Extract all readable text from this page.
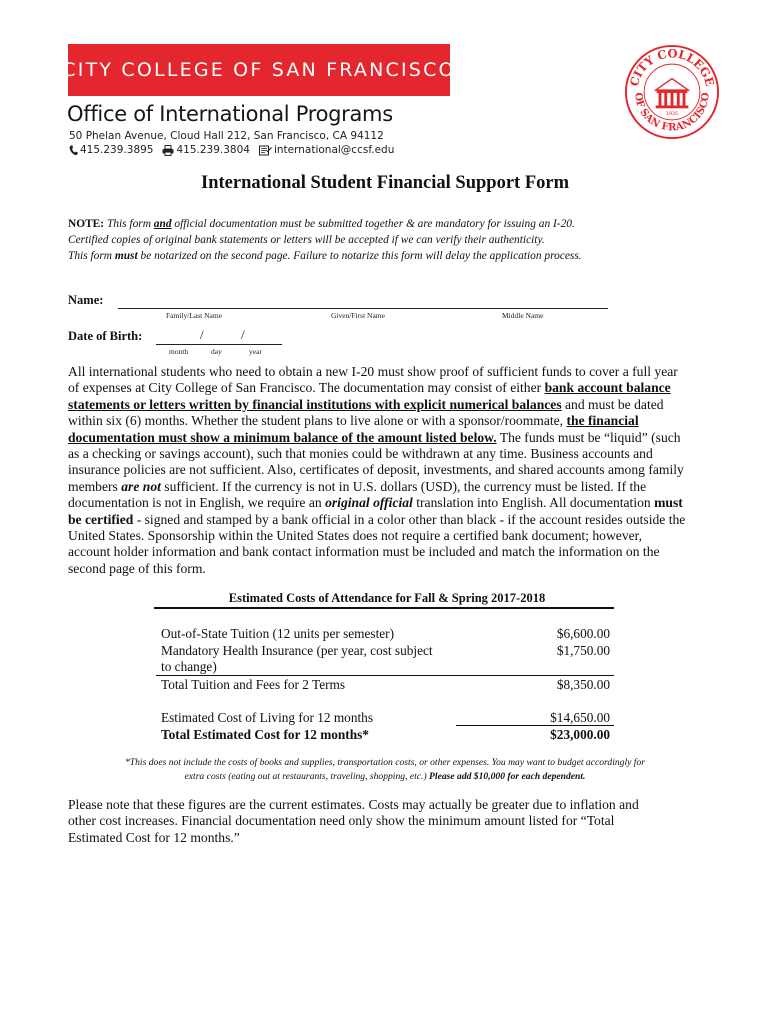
CITY COLLEGE OF SAN FRANCISCO
Office of International Programs
50 Phelan Avenue, Cloud Hall 212, San Francisco, CA 94112
415.239.3895 415.239.3804 international@ccsf.edu
CITY COLLEGE
OF SAN FRANCISCO
1935
International Student Financial Support Form

NOTE: This form and official documentation must be submitted together & are mandatory for issuing an I-20.

Certified copies of original bank statements or letters will be accepted if we can verify their authenticity.

This form must be notarized on the second page. Failure to notarize this form will delay the application process.

Name:
Family/Last Name	Given/First Name	Middle Name
Date of Birth:	/	/
month	day	year

All international students who need to obtain a new I-20 must show proof of sufficient funds to cover a full year

of expenses at City College of San Francisco. The documentation may consist of either bank account balance

statements or letters written by financial institutions with explicit numerical balances and must be dated

within six (6) months. Whether the student plans to live alone or with a sponsor/roommate, the financial

documentation must show a minimum balance of the amount listed below. The funds must be “liquid” (such

as a checking or savings account), such that monies could be withdrawn at any time. Business accounts and

insurance policies are not sufficient. Also, certificates of deposit, investments, and shared accounts among family

members are not sufficient. If the currency is not in U.S. dollars (USD), the currency must be listed. If the

documentation is not in English, we require an original official translation into English. All documentation must

be certified - signed and stamped by a bank official in a color other than black - if the account resides outside the

United States. Sponsorship within the United States does not require a certified bank document; however,

account holder information and bank contact information must be included and match the information on the

second page of this form.

Estimated Costs of Attendance for Fall & Spring 2017-2018
Out-of-State Tuition (12 units per semester)	$6,600.00
Mandatory Health Insurance (per year, cost subject	$1,750.00
to change)
Total Tuition and Fees for 2 Terms	$8,350.00
Estimated Cost of Living for 12 months	$14,650.00
Total Estimated Cost for 12 months*	$23,000.00

*This does not include the costs of books and supplies, transportation costs, or other expenses. You may want to budget accordingly for

extra costs (eating out at restaurants, traveling, shopping, etc.) Please add $10,000 for each dependent.

Please note that these figures are the current estimates. Costs may actually be greater due to inflation and

other cost increases. Financial documentation need only show the minimum amount listed for “Total

Estimated Cost for 12 months.”
